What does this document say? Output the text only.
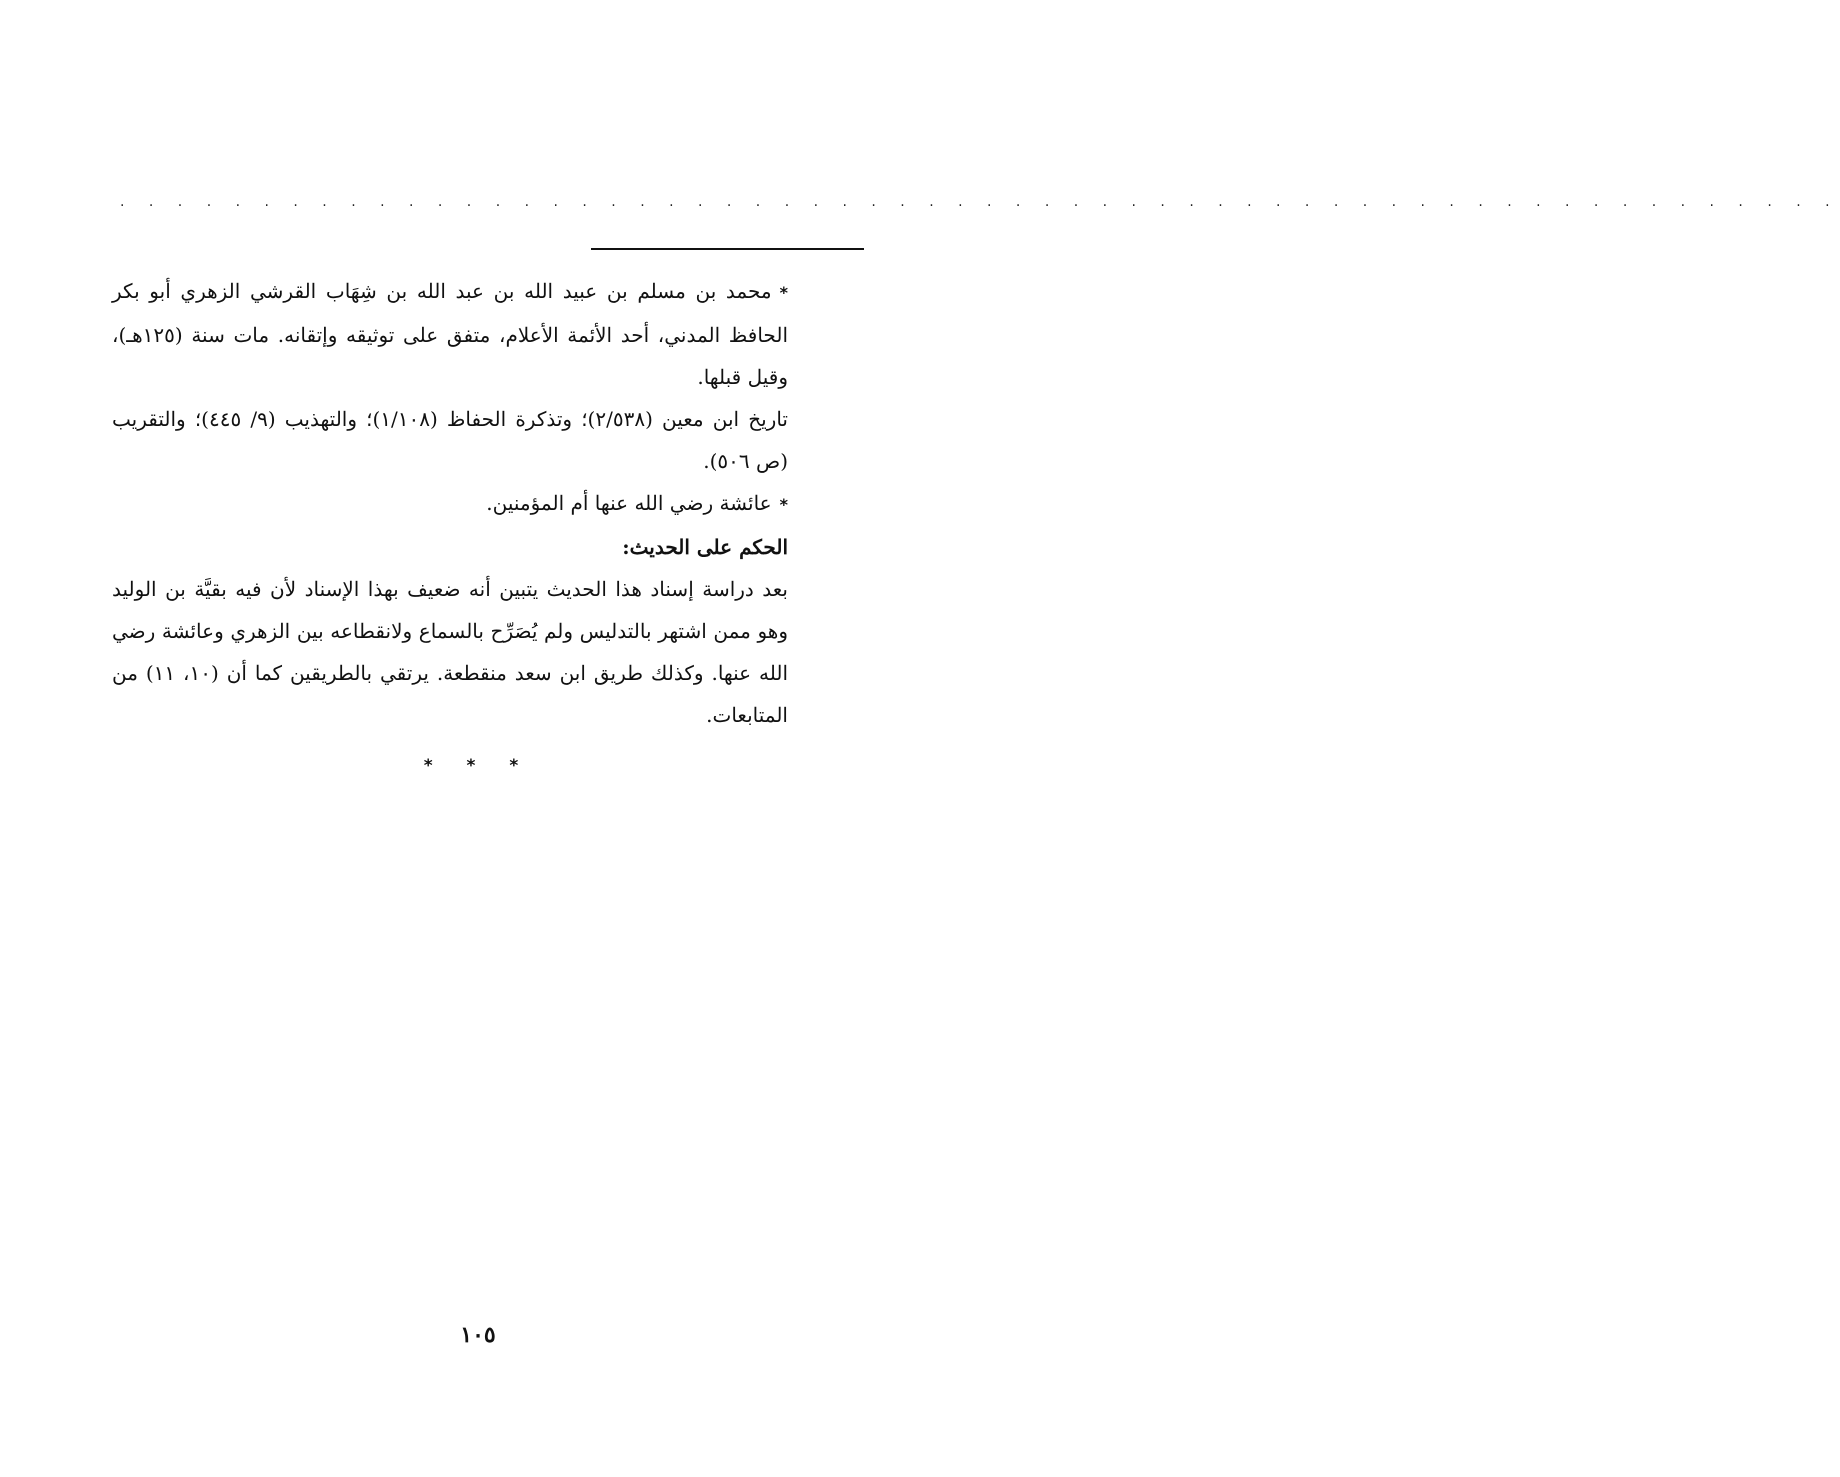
· · · · · · · · · · · · · · · · · · · · · · · · · · · · · · · · · · · · · · · · · · · · · · · · · · · · · · · · · · · ·

*محمد بن مسلم بن عبيد الله بن عبد الله بن شِهَاب القرشي الزهري أبو بكر الحافظ المدني، أحد الأئمة الأعلام، متفق على توثيقه وإتقانه. مات سنة (١٢٥هـ)، وقيل قبلها.

تاريخ ابن معين (٢/٥٣٨)؛ وتذكرة الحفاظ (١/١٠٨)؛ والتهذيب (٩/ ٤٤٥)؛ والتقريب (ص ٥٠٦).

*عائشة رضي الله عنها أم المؤمنين.

الحكم على الحديث:

بعد دراسة إسناد هذا الحديث يتبين أنه ضعيف بهذا الإسناد لأن فيه بقيَّة بن الوليد وهو ممن اشتهر بالتدليس ولم يُصَرِّح بالسماع ولانقطاعه بين الزهري وعائشة رضي الله عنها. وكذلك طريق ابن سعد منقطعة. يرتقي بالطريقين كما أن (١٠، ١١) من المتابعات.

* * *
١٠٥
